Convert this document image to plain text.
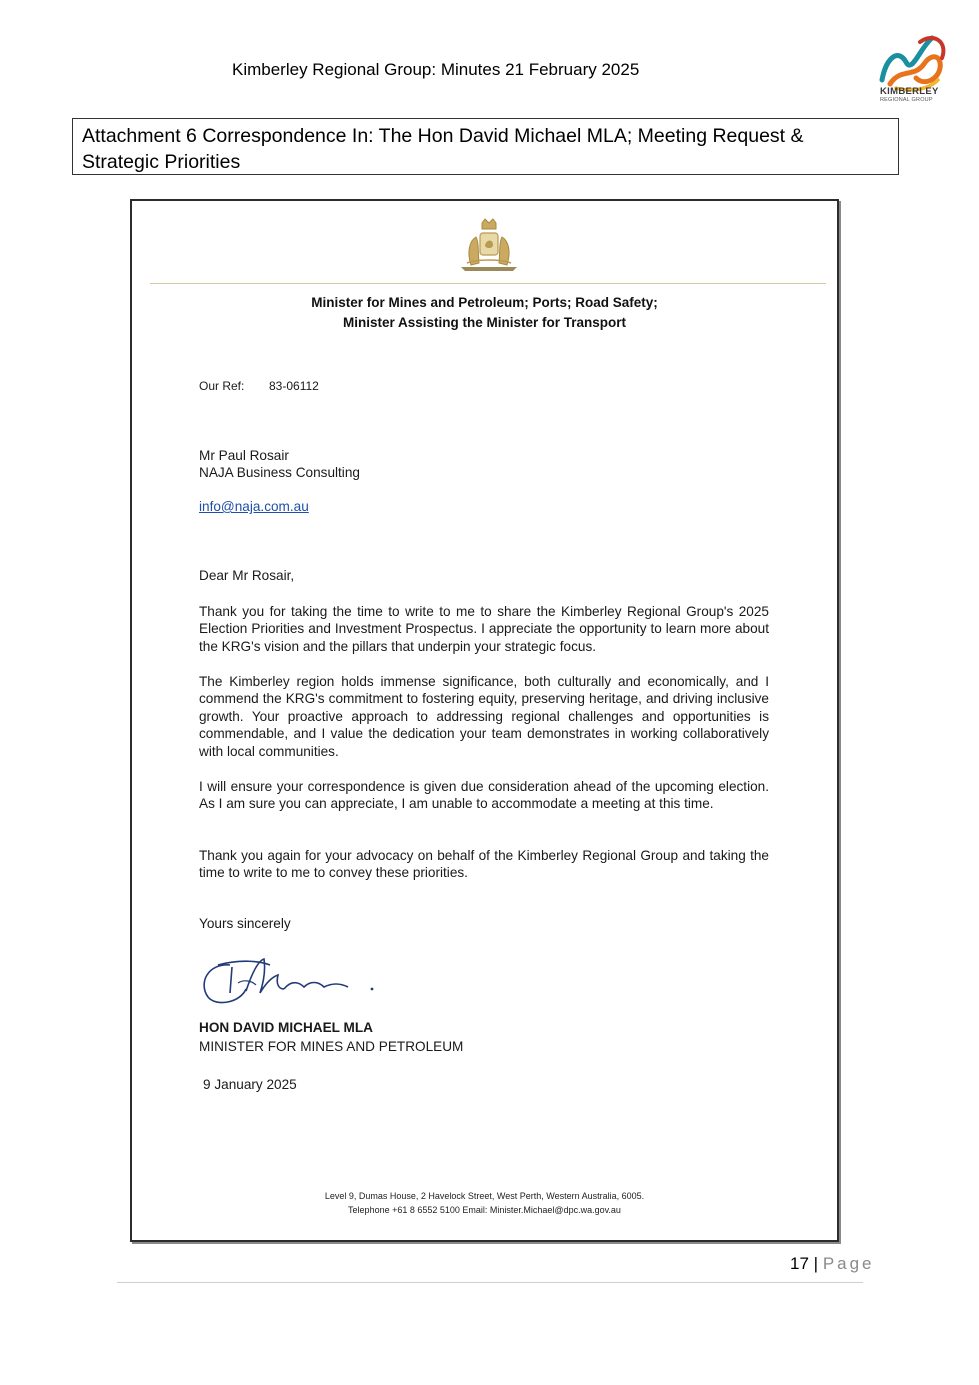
Kimberley Regional Group: Minutes 21 February 2025
KIMBERLEY
REGIONAL GROUP
Attachment 6 Correspondence In: The Hon David Michael MLA; Meeting Request &
Strategic Priorities
Minister for Mines and Petroleum; Ports; Road Safety;
Minister Assisting the Minister for Transport
Our Ref: 83-06112
Mr Paul Rosair
NAJA Business Consulting
info@naja.com.au
Dear Mr Rosair,
Thank you for taking the time to write to me to share the Kimberley Regional Group's 2025 Election Priorities and Investment Prospectus. I appreciate the opportunity to learn more about the KRG's vision and the pillars that underpin your strategic focus.
The Kimberley region holds immense significance, both culturally and economically, and I commend the KRG's commitment to fostering equity, preserving heritage, and driving inclusive growth. Your proactive approach to addressing regional challenges and opportunities is commendable, and I value the dedication your team demonstrates in working collaboratively with local communities.
I will ensure your correspondence is given due consideration ahead of the upcoming election. As I am sure you can appreciate, I am unable to accommodate a meeting at this time.
Thank you again for your advocacy on behalf of the Kimberley Regional Group and taking the time to write to me to convey these priorities.
Yours sincerely
HON DAVID MICHAEL MLA
MINISTER FOR MINES AND PETROLEUM
9 January 2025
Level 9, Dumas House, 2 Havelock Street, West Perth, Western Australia, 6005.
Telephone +61 8 6552 5100 Email: Minister.Michael@dpc.wa.gov.au
17 | Page
